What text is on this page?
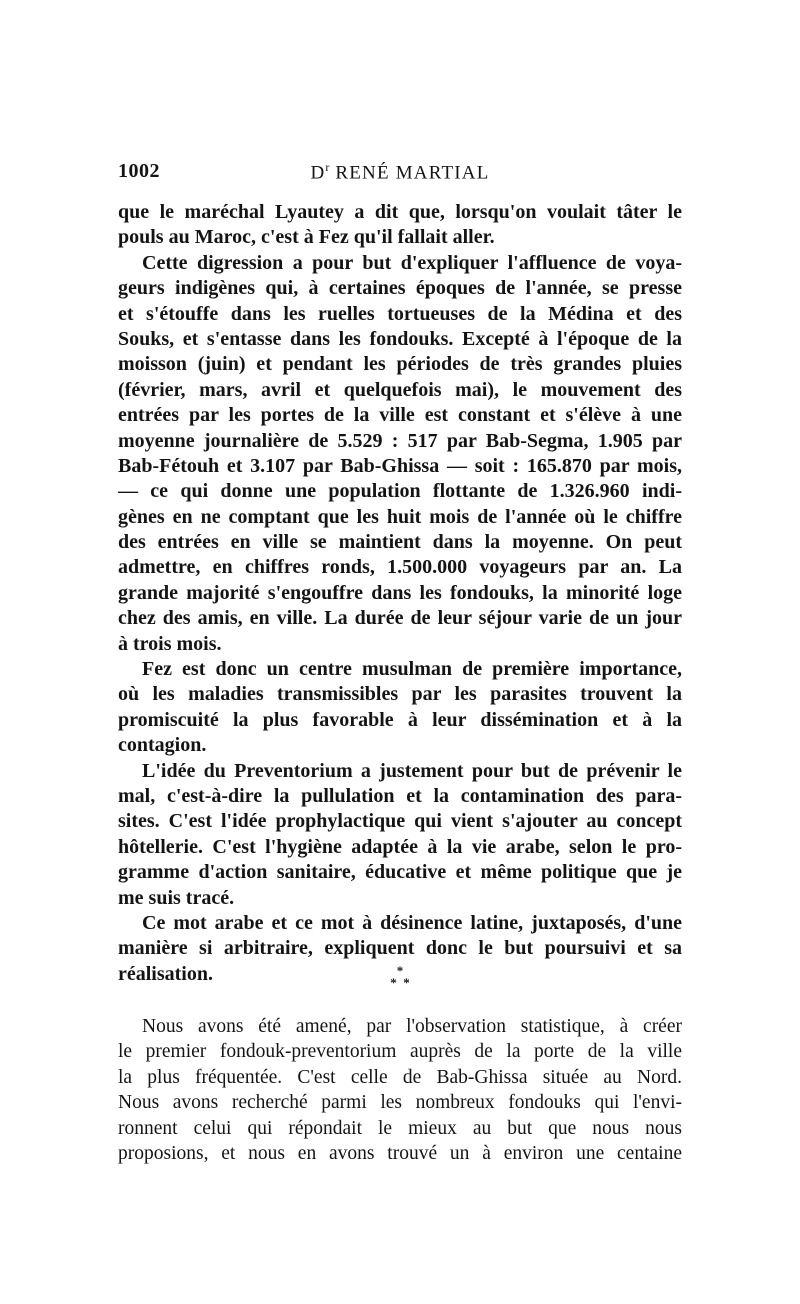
1002	$D^r$ RENÉ MARTIAL

que le maréchal Lyautey a dit que, lorsqu'on voulait tâter le
pouls au Maroc, c'est à Fez qu'il fallait aller.

Cette digression a pour but d'expliquer l'affluence de voya-
geurs indigènes qui, à certaines époques de l'année, se presse
et s'étouffe dans les ruelles tortueuses de la Médina et des
Souks, et s'entasse dans les fondouks. Excepté à l'époque de la
moisson (juin) et pendant les périodes de très grandes pluies
(février, mars, avril et quelquefois mai), le mouvement des
entrées par les portes de la ville est constant et s'élève à une
moyenne journalière de 5.529 : 517 par Bab-Segma, 1.905 par
Bab-Fétouh et 3.107 par Bab-Ghissa — soit : 165.870 par mois,
— ce qui donne une population flottante de 1.326.960 indi-
gènes en ne comptant que les huit mois de l'année où le chiffre
des entrées en ville se maintient dans la moyenne. On peut
admettre, en chiffres ronds, 1.500.000 voyageurs par an. La
grande majorité s'engouffre dans les fondouks, la minorité loge
chez des amis, en ville. La durée de leur séjour varie de un jour
à trois mois.

Fez est donc un centre musulman de première importance,
où les maladies transmissibles par les parasites trouvent la
promiscuité la plus favorable à leur dissémination et à la
contagion.

L'idée du Preventorium a justement pour but de prévenir le
mal, c'est-à-dire la pullulation et la contamination des para-
sites. C'est l'idée prophylactique qui vient s'ajouter au concept
hôtellerie. C'est l'hygiène adaptée à la vie arabe, selon le pro-
gramme d'action sanitaire, éducative et même politique que je
me suis tracé.

Ce mot arabe et ce mot à désinence latine, juxtaposés, d'une
manière si arbitraire, expliquent donc le but poursuivi et sa
réalisation.	*
*  *

Nous avons été amené, par l'observation statistique, à créer
le premier fondouk-preventorium auprès de la porte de la ville
la plus fréquentée. C'est celle de Bab-Ghissa située au Nord.
Nous avons recherché parmi les nombreux fondouks qui l'envi-
ronnent celui qui répondait le mieux au but que nous nous
proposions, et nous en avons trouvé un à environ une centaine
